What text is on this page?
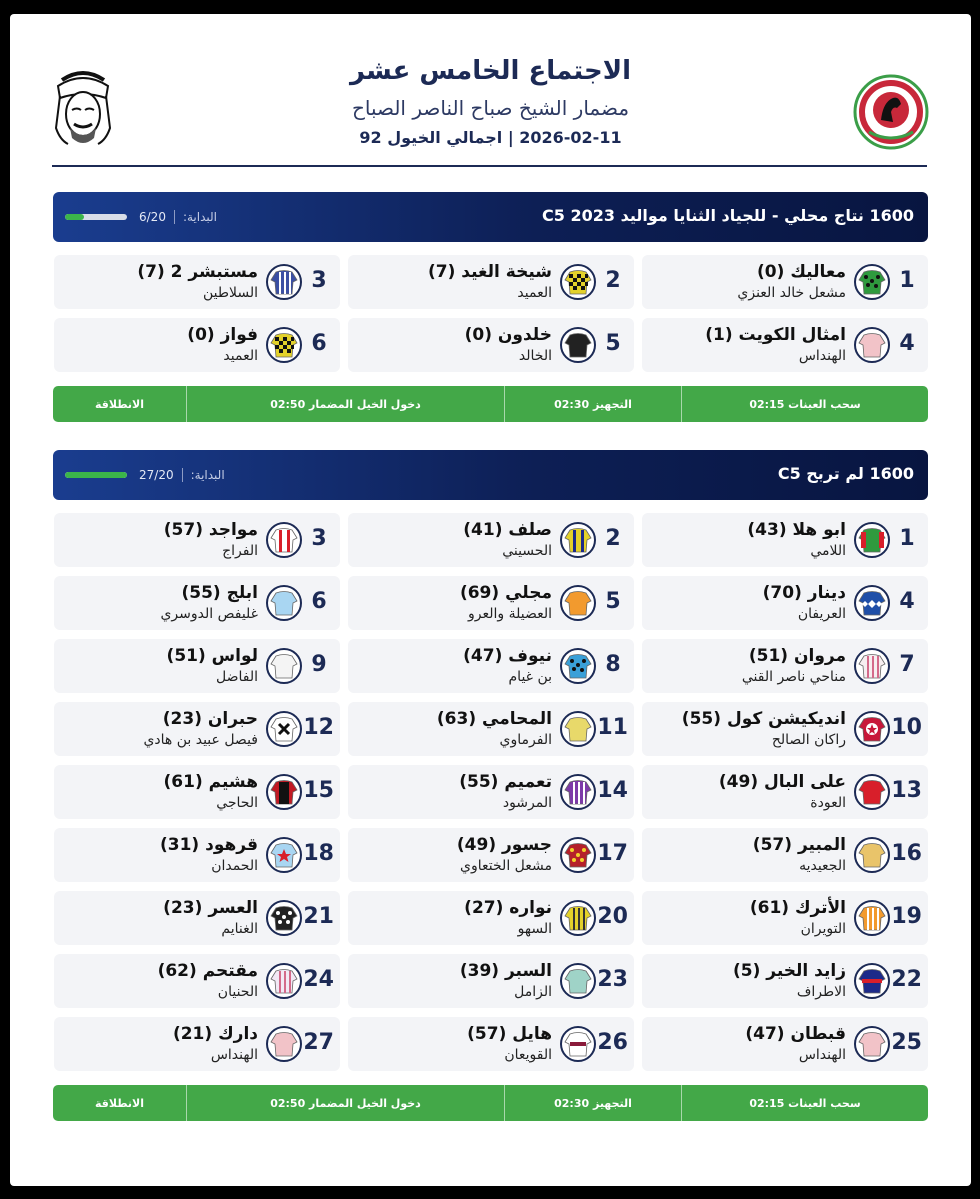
الاجتماع الخامس عشر
مضمار الشيخ صباح الناصر الصباح
2026-02-11 | اجمالي الخيول 92
1600 نتاج محلي - للجياد الثنايا مواليد 2023 C5
6/20 البداية:
1
معاليك (0)
مشعل خالد العنزي
2
شيخة الغيد (7)
العميد
3
مستبشر 2 (7)
السلاطين
4
امثال الكويت (1)
الهنداس
5
خلدون (0)
الخالد
6
فواز (0)
العميد
سحب العينات 02:15
التجهيز 02:30
دخول الخيل المضمار 02:50
الانطلاقة
1600 لم تربح C5
27/20 البداية:
1
ابو هلا (43)
اللامي
2
صلف (41)
الحسيني
3
مواجد (57)
الفراج
4
دينار (70)
العريفان
5
مجلي (69)
العضيلة والعرو
6
ابلج (55)
غليفص الدوسري
7
مروان (51)
مناحي ناصر القني
8
نيوف (47)
بن غيام
9
لواس (51)
الفاضل
10
انديكيشن كول (55)
راكان الصالح
11
المحامي (63)
الفرماوي
12
حبران (23)
فيصل عبيد بن هادي
13
على البال (49)
العودة
14
تعميم (55)
المرشود
15
هشيم (61)
الحاجي
16
المبير (57)
الجعيديه
17
جسور (49)
مشعل الختعاوي
18
قرهود (31)
الحمدان
19
الأترك (61)
التويران
20
نواره (27)
السهو
21
العسر (23)
الغنايم
22
زايد الخير (5)
الاطراف
23
السبر (39)
الزامل
24
مقتحم (62)
الحنيان
25
قبطان (47)
الهنداس
26
هايل (57)
القويعان
27
دارك (21)
الهنداس
سحب العينات 02:15
التجهيز 02:30
دخول الخيل المضمار 02:50
الانطلاقة
